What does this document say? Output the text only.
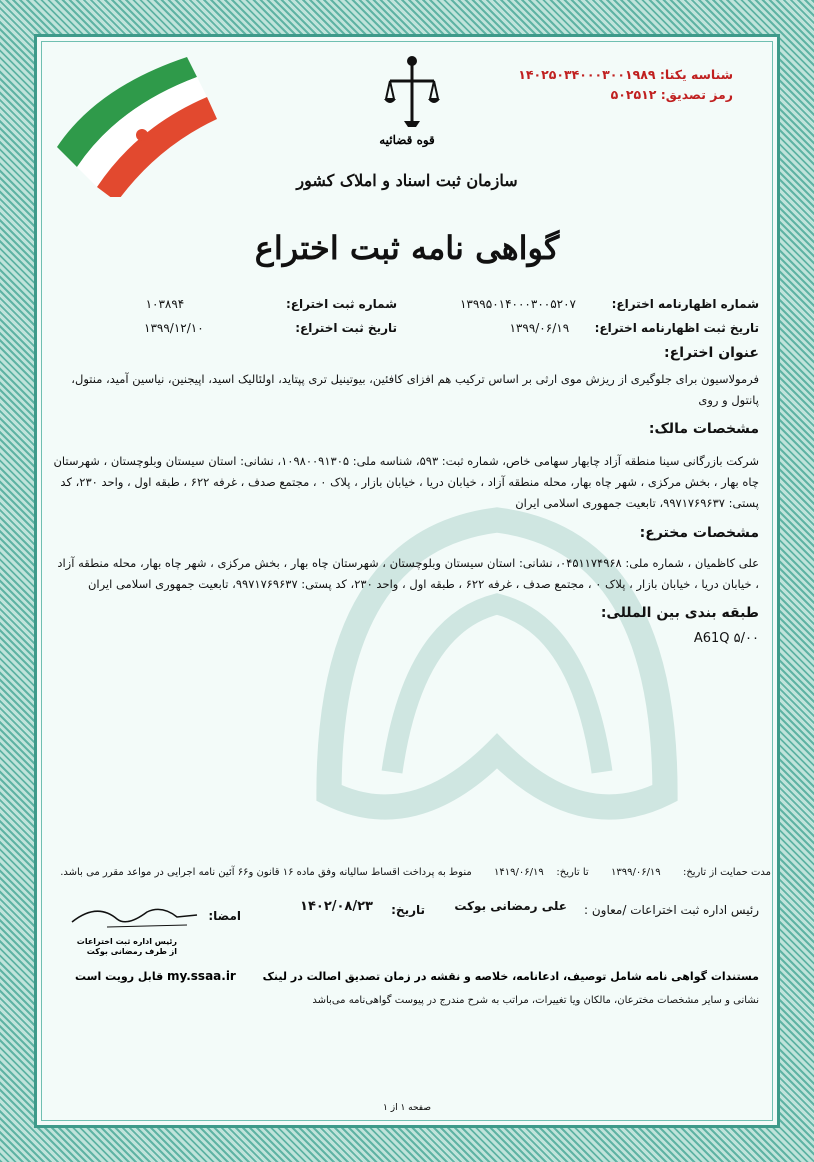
شناسه یکتا: ۱۴۰۲۵۰۳۴۰۰۰۳۰۰۱۹۸۹
رمز تصدیق: ۵۰۲۵۱۲
قوه قضائیه
سازمان ثبت اسناد و املاک کشور
گواهی نامه ثبت اختراع
شماره اظهارنامه اختراع:       ۱۳۹۹۵۰۱۴۰۰۰۳۰۰۵۲۰۷
شماره ثبت اختراع:                    ۱۰۳۸۹۴
تاریخ ثبت اظهارنامه اختراع:     ۱۳۹۹/۰۶/۱۹
تاریخ ثبت اختراع:                  ۱۳۹۹/۱۲/۱۰
عنوان اختراع:
فرمولاسیون برای جلوگیری از ریزش موی ارثی بر اساس ترکیب هم افزای کافئین، بیوتینیل تری پپتاید، اولئالیک اسید، اپیجنین، نیاسین آمید، منتول، پانتول و روی
مشخصات مالک:
شرکت بازرگانی سینا منطقه آزاد چابهار سهامی خاص، شماره ثبت: ۵۹۳، شناسه ملی: ۱۰۹۸۰۰۹۱۳۰۵، نشانی: استان سیستان وبلوچستان ، شهرستان چاه بهار ، بخش مرکزی ، شهر چاه بهار، محله منطقه آزاد ، خیابان دریا ، خیابان بازار ، پلاک ۰ ، مجتمع صدف ، غرفه ۶۲۲ ، طبقه اول ، واحد ۲۳۰، کد پستی: ۹۹۷۱۷۶۹۶۳۷، تابعیت جمهوری اسلامی ایران
مشخصات مخترع:
علی کاظمیان ، شماره ملی: ۰۴۵۱۱۷۴۹۶۸، نشانی: استان سیستان وبلوچستان ، شهرستان چاه بهار ، بخش مرکزی ، شهر چاه بهار، محله منطقه آزاد ، خیابان دریا ، خیابان بازار ، پلاک ۰ ، مجتمع صدف ، غرفه ۶۲۲ ، طبقه اول ، واحد ۲۳۰، کد پستی: ۹۹۷۱۷۶۹۶۳۷، تابعیت جمهوری اسلامی ایران
طبقه بندی بین المللی:
A61Q ۵/۰۰
مدت حمایت از تاریخ:       ۱۳۹۹/۰۶/۱۹       تا تاریخ:    ۱۴۱۹/۰۶/۱۹       منوط به پرداخت اقساط سالیانه وفق ماده ۱۶ قانون و۶۶ آئین نامه اجرایی در مواعد مقرر می باشد.
رئیس اداره ثبت اختراعات /معاون :
علی رمضانی بوکت
تاریخ:
۱۴۰۲/۰۸/۲۳
امضا:
رئیس اداره ثبت اختراعات
از طرف رمضانی بوکت
مستندات گواهی نامه شامل توصیف، ادعانامه، خلاصه و نقشه در زمان تصدیق اصالت در لینک       my.ssaa.ir قابل رویت است
نشانی و سایر مشخصات مخترعان، مالکان ویا تغییرات، مراتب به شرح مندرج در پیوست گواهی‌نامه می‌باشد
صفحه ۱ از ۱
